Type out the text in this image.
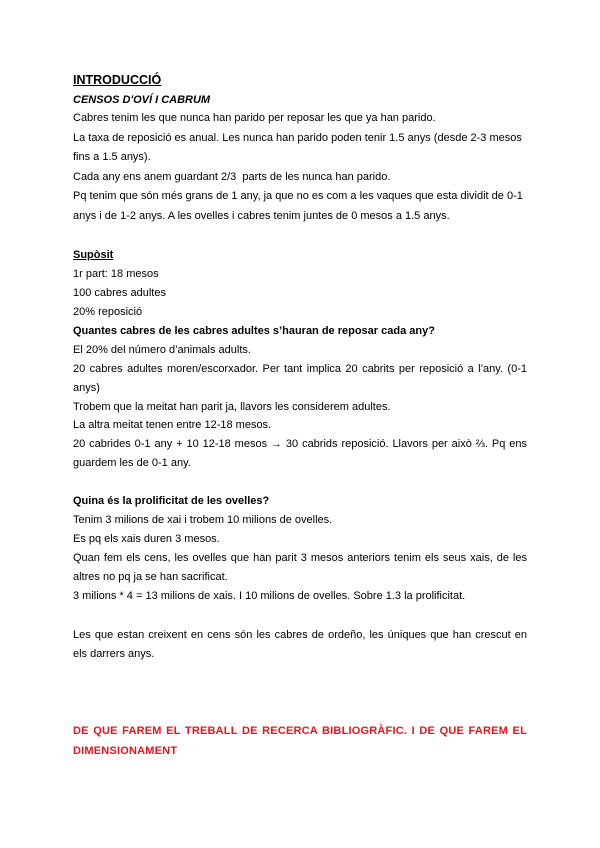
INTRODUCCIÓ
CENSOS D'OVÍ I CABRUM
Cabres tenim les que nunca han parido per reposar les que ya han parido.
La taxa de reposició es anual. Les nunca han parido poden tenir 1.5 anys (desde 2-3 mesos
fins a 1.5 anys).
Cada any ens anem guardant 2/3  parts de les nunca han parido.
Pq tenim que són més grans de 1 any, ja que no es com a les vaques que esta dividit de 0-1
anys i de 1-2 anys. A les ovelles i cabres tenim juntes de 0 mesos a 1.5 anys.
Supòsit
1r part: 18 mesos
100 cabres adultes
20% reposició
Quantes cabres de les cabres adultes s’hauran de reposar cada any?
El 20% del número d’animals adults.
20 cabres adultes moren/escorxador. Per tant implica 20 cabrits per reposició a l’any. (0-1
anys)
Trobem que la meitat han parit ja, llavors les considerem adultes.
La altra meitat tenen entre 12-18 mesos.
20 cabrides 0-1 any + 10 12-18 mesos → 30 cabrids reposició. Llavors per això ⅔. Pq ens
guardem les de 0-1 any.
Quina és la prolificitat de les ovelles?
Tenim 3 milions de xai i trobem 10 milions de ovelles.
Es pq els xais duren 3 mesos.
Quan fem els cens, les ovelles que han parit 3 mesos anteriors tenim els seus xais, de les
altres no pq ja se han sacrificat.
3 milions * 4 = 13 milions de xais. I 10 milions de ovelles. Sobre 1.3 la prolificitat.
Les que estan creixent en cens són les cabres de ordeño, les úniques que han crescut en
els darrers anys.
DE QUE FAREM EL TREBALL DE RECERCA BIBLIOGRÀFIC. I DE QUE FAREM EL
DIMENSIONAMENT
